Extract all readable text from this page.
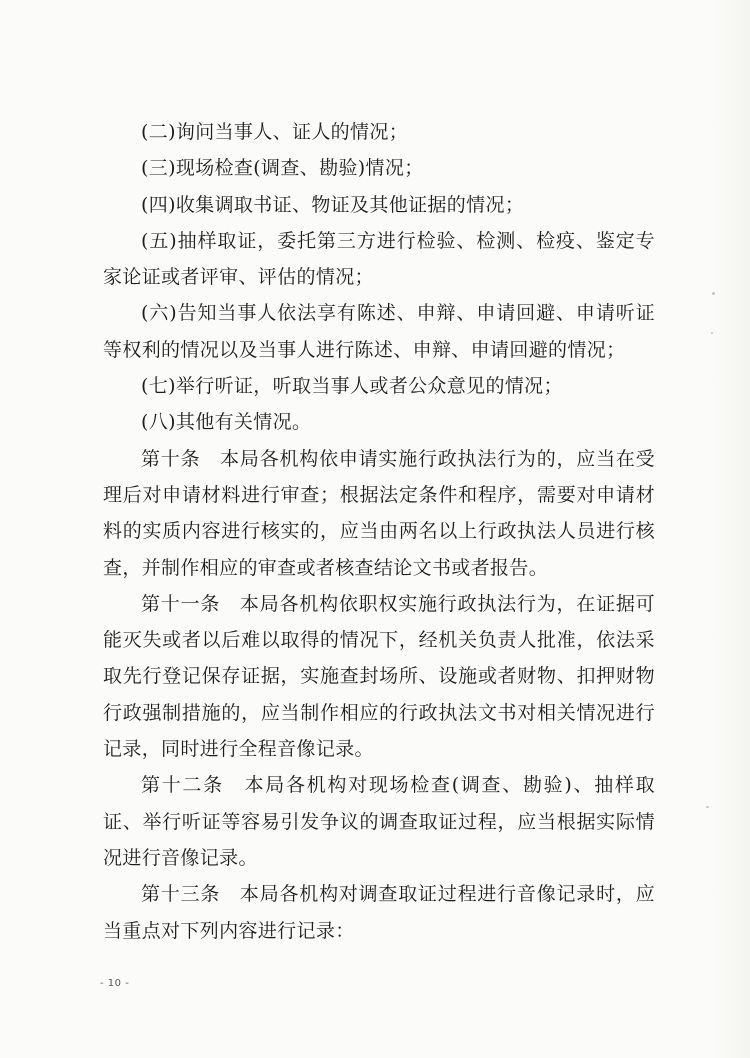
(二)询问当事人、证人的情况；

(三)现场检查(调查、勘验)情况；

(四)收集调取书证、物证及其他证据的情况；

(五)抽样取证，委托第三方进行检验、检测、检疫、鉴定专家论证或者评审、评估的情况；

(六)告知当事人依法享有陈述、申辩、申请回避、申请听证等权利的情况以及当事人进行陈述、申辩、申请回避的情况；

(七)举行听证，听取当事人或者公众意见的情况；

(八)其他有关情况。

第十条　本局各机构依申请实施行政执法行为的，应当在受理后对申请材料进行审查；根据法定条件和程序，需要对申请材料的实质内容进行核实的，应当由两名以上行政执法人员进行核查，并制作相应的审查或者核查结论文书或者报告。

第十一条　本局各机构依职权实施行政执法行为，在证据可能灭失或者以后难以取得的情况下，经机关负责人批准，依法采取先行登记保存证据，实施查封场所、设施或者财物、扣押财物行政强制措施的，应当制作相应的行政执法文书对相关情况进行记录，同时进行全程音像记录。

第十二条　本局各机构对现场检查(调查、勘验)、抽样取证、举行听证等容易引发争议的调查取证过程，应当根据实际情况进行音像记录。

第十三条　本局各机构对调查取证过程进行音像记录时，应当重点对下列内容进行记录：

- 10 -
